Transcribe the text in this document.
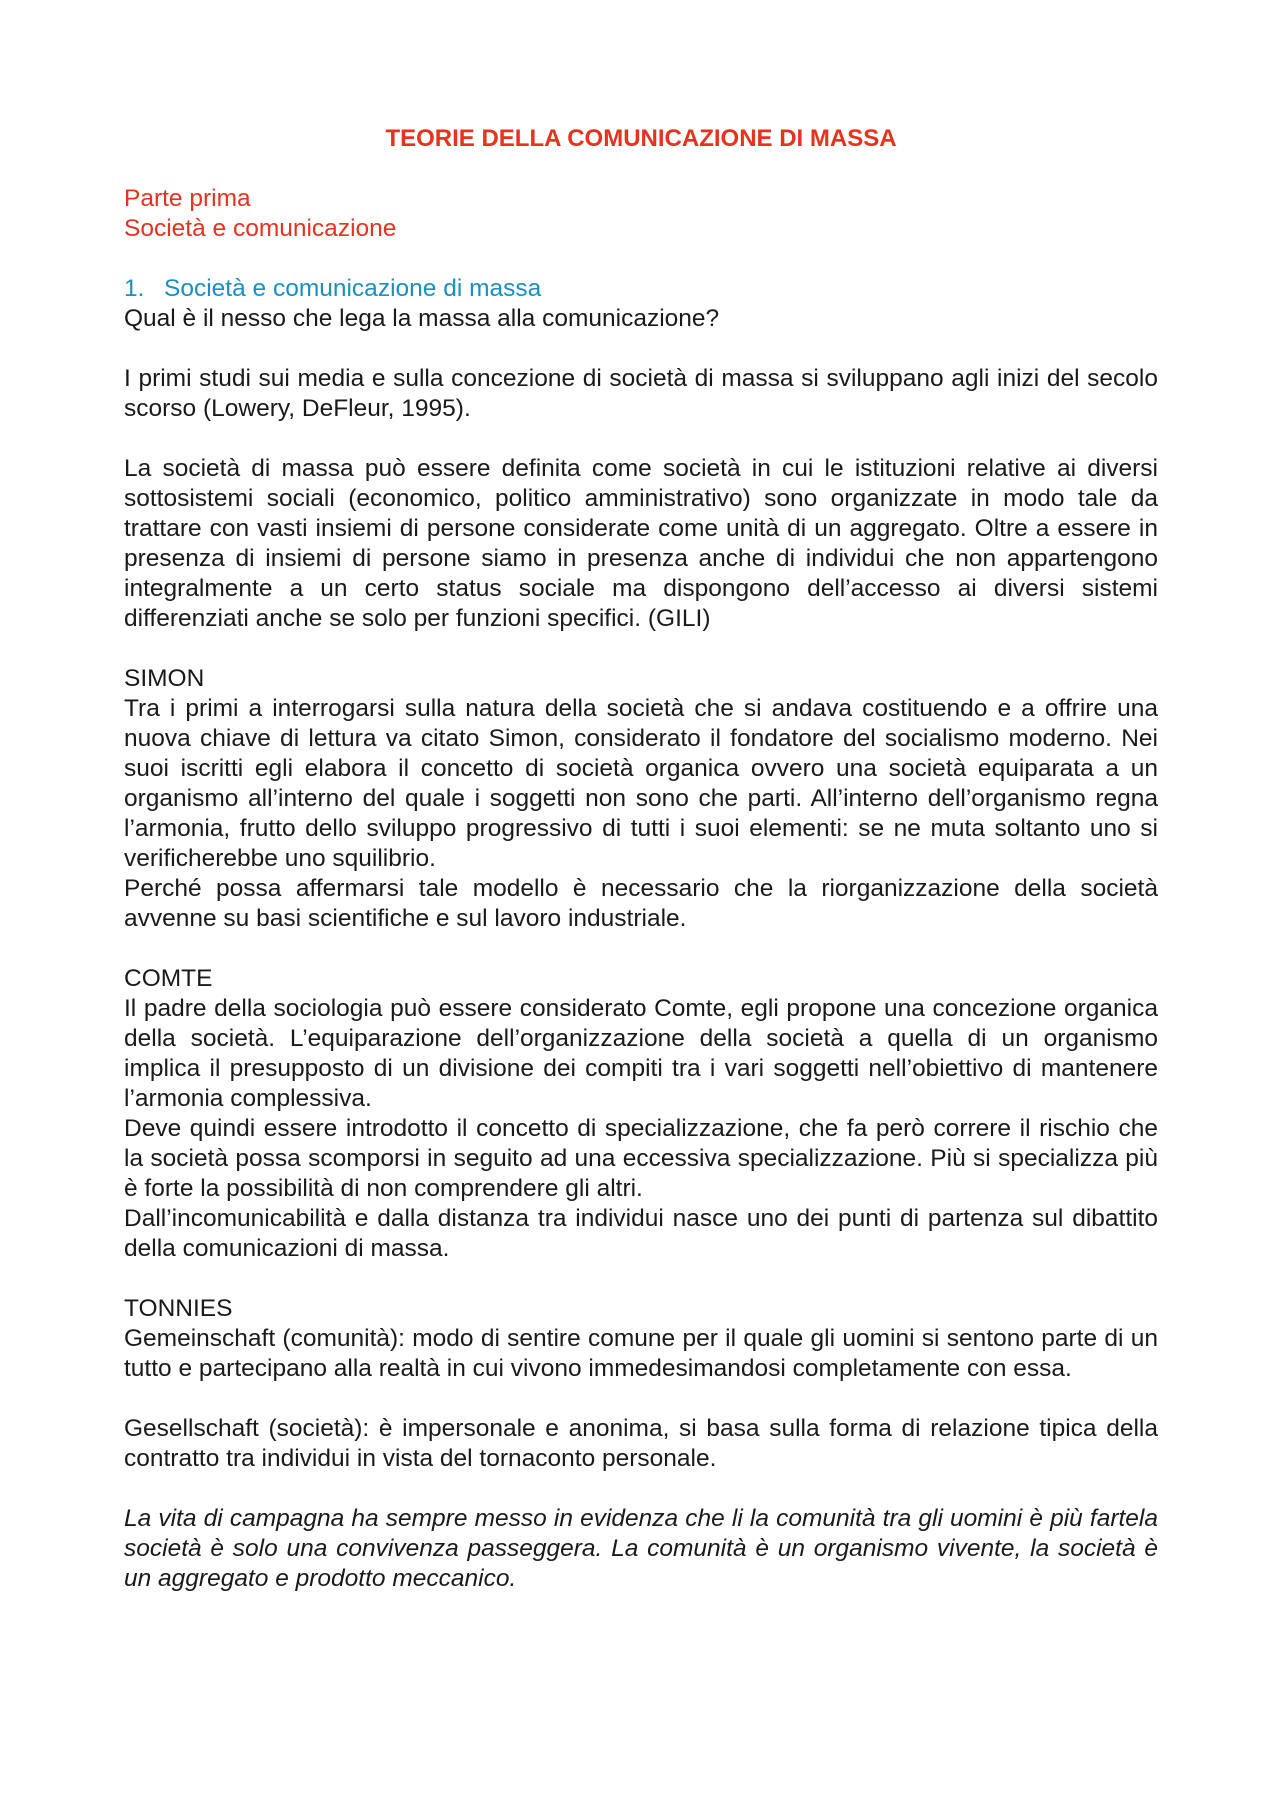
TEORIE DELLA COMUNICAZIONE DI MASSA
Parte prima
Società e comunicazione
1. Società e comunicazione di massa

Qual è il nesso che lega la massa alla comunicazione?

I primi studi sui media e sulla concezione di società di massa si sviluppano agli inizi del secolo scorso (Lowery, DeFleur, 1995).

La società di massa può essere definita come società in cui le istituzioni relative ai diversi sottosistemi sociali (economico, politico amministrativo) sono organizzate in modo tale da trattare con vasti insiemi di persone considerate come unità di un aggregato. Oltre a essere in presenza di insiemi di persone siamo in presenza anche di individui che non appartengono integralmente a un certo status sociale ma dispongono dell’accesso ai diversi sistemi differenziati anche se solo per funzioni specifici. (GILI)

SIMON

Tra i primi a interrogarsi sulla natura della società che si andava costituendo e a offrire una nuova chiave di lettura va citato Simon, considerato il fondatore del socialismo moderno. Nei suoi iscritti egli elabora il concetto di società organica ovvero una società equiparata a un organismo all’interno del quale i soggetti non sono che parti. All’interno dell’organismo regna l’armonia, frutto dello sviluppo progressivo di tutti i suoi elementi: se ne muta soltanto uno si verificherebbe uno squilibrio.

Perché possa affermarsi tale modello è necessario che la riorganizzazione della società avvenne su basi scientifiche e sul lavoro industriale.

COMTE

Il padre della sociologia può essere considerato Comte, egli propone una concezione organica della società. L’equiparazione dell’organizzazione della società a quella di un organismo implica il presupposto di un divisione dei compiti tra i vari soggetti nell’obiettivo di mantenere l’armonia complessiva.

Deve quindi essere introdotto il concetto di specializzazione, che fa però correre il rischio che la società possa scomporsi in seguito ad una eccessiva specializzazione. Più si specializza più è forte la possibilità di non comprendere gli altri.

Dall’incomunicabilità e dalla distanza tra individui nasce uno dei punti di partenza sul dibattito della comunicazioni di massa.

TONNIES

Gemeinschaft (comunità): modo di sentire comune per il quale gli uomini si sentono parte di un tutto e partecipano alla realtà in cui vivono immedesimandosi completamente con essa.

Gesellschaft (società): è impersonale e anonima, si basa sulla forma di relazione tipica della contratto tra individui in vista del tornaconto personale.

La vita di campagna ha sempre messo in evidenza che li la comunità tra gli uomini è più fartela società è solo una convivenza passeggera. La comunità è un organismo vivente, la società è un aggregato e prodotto meccanico.
